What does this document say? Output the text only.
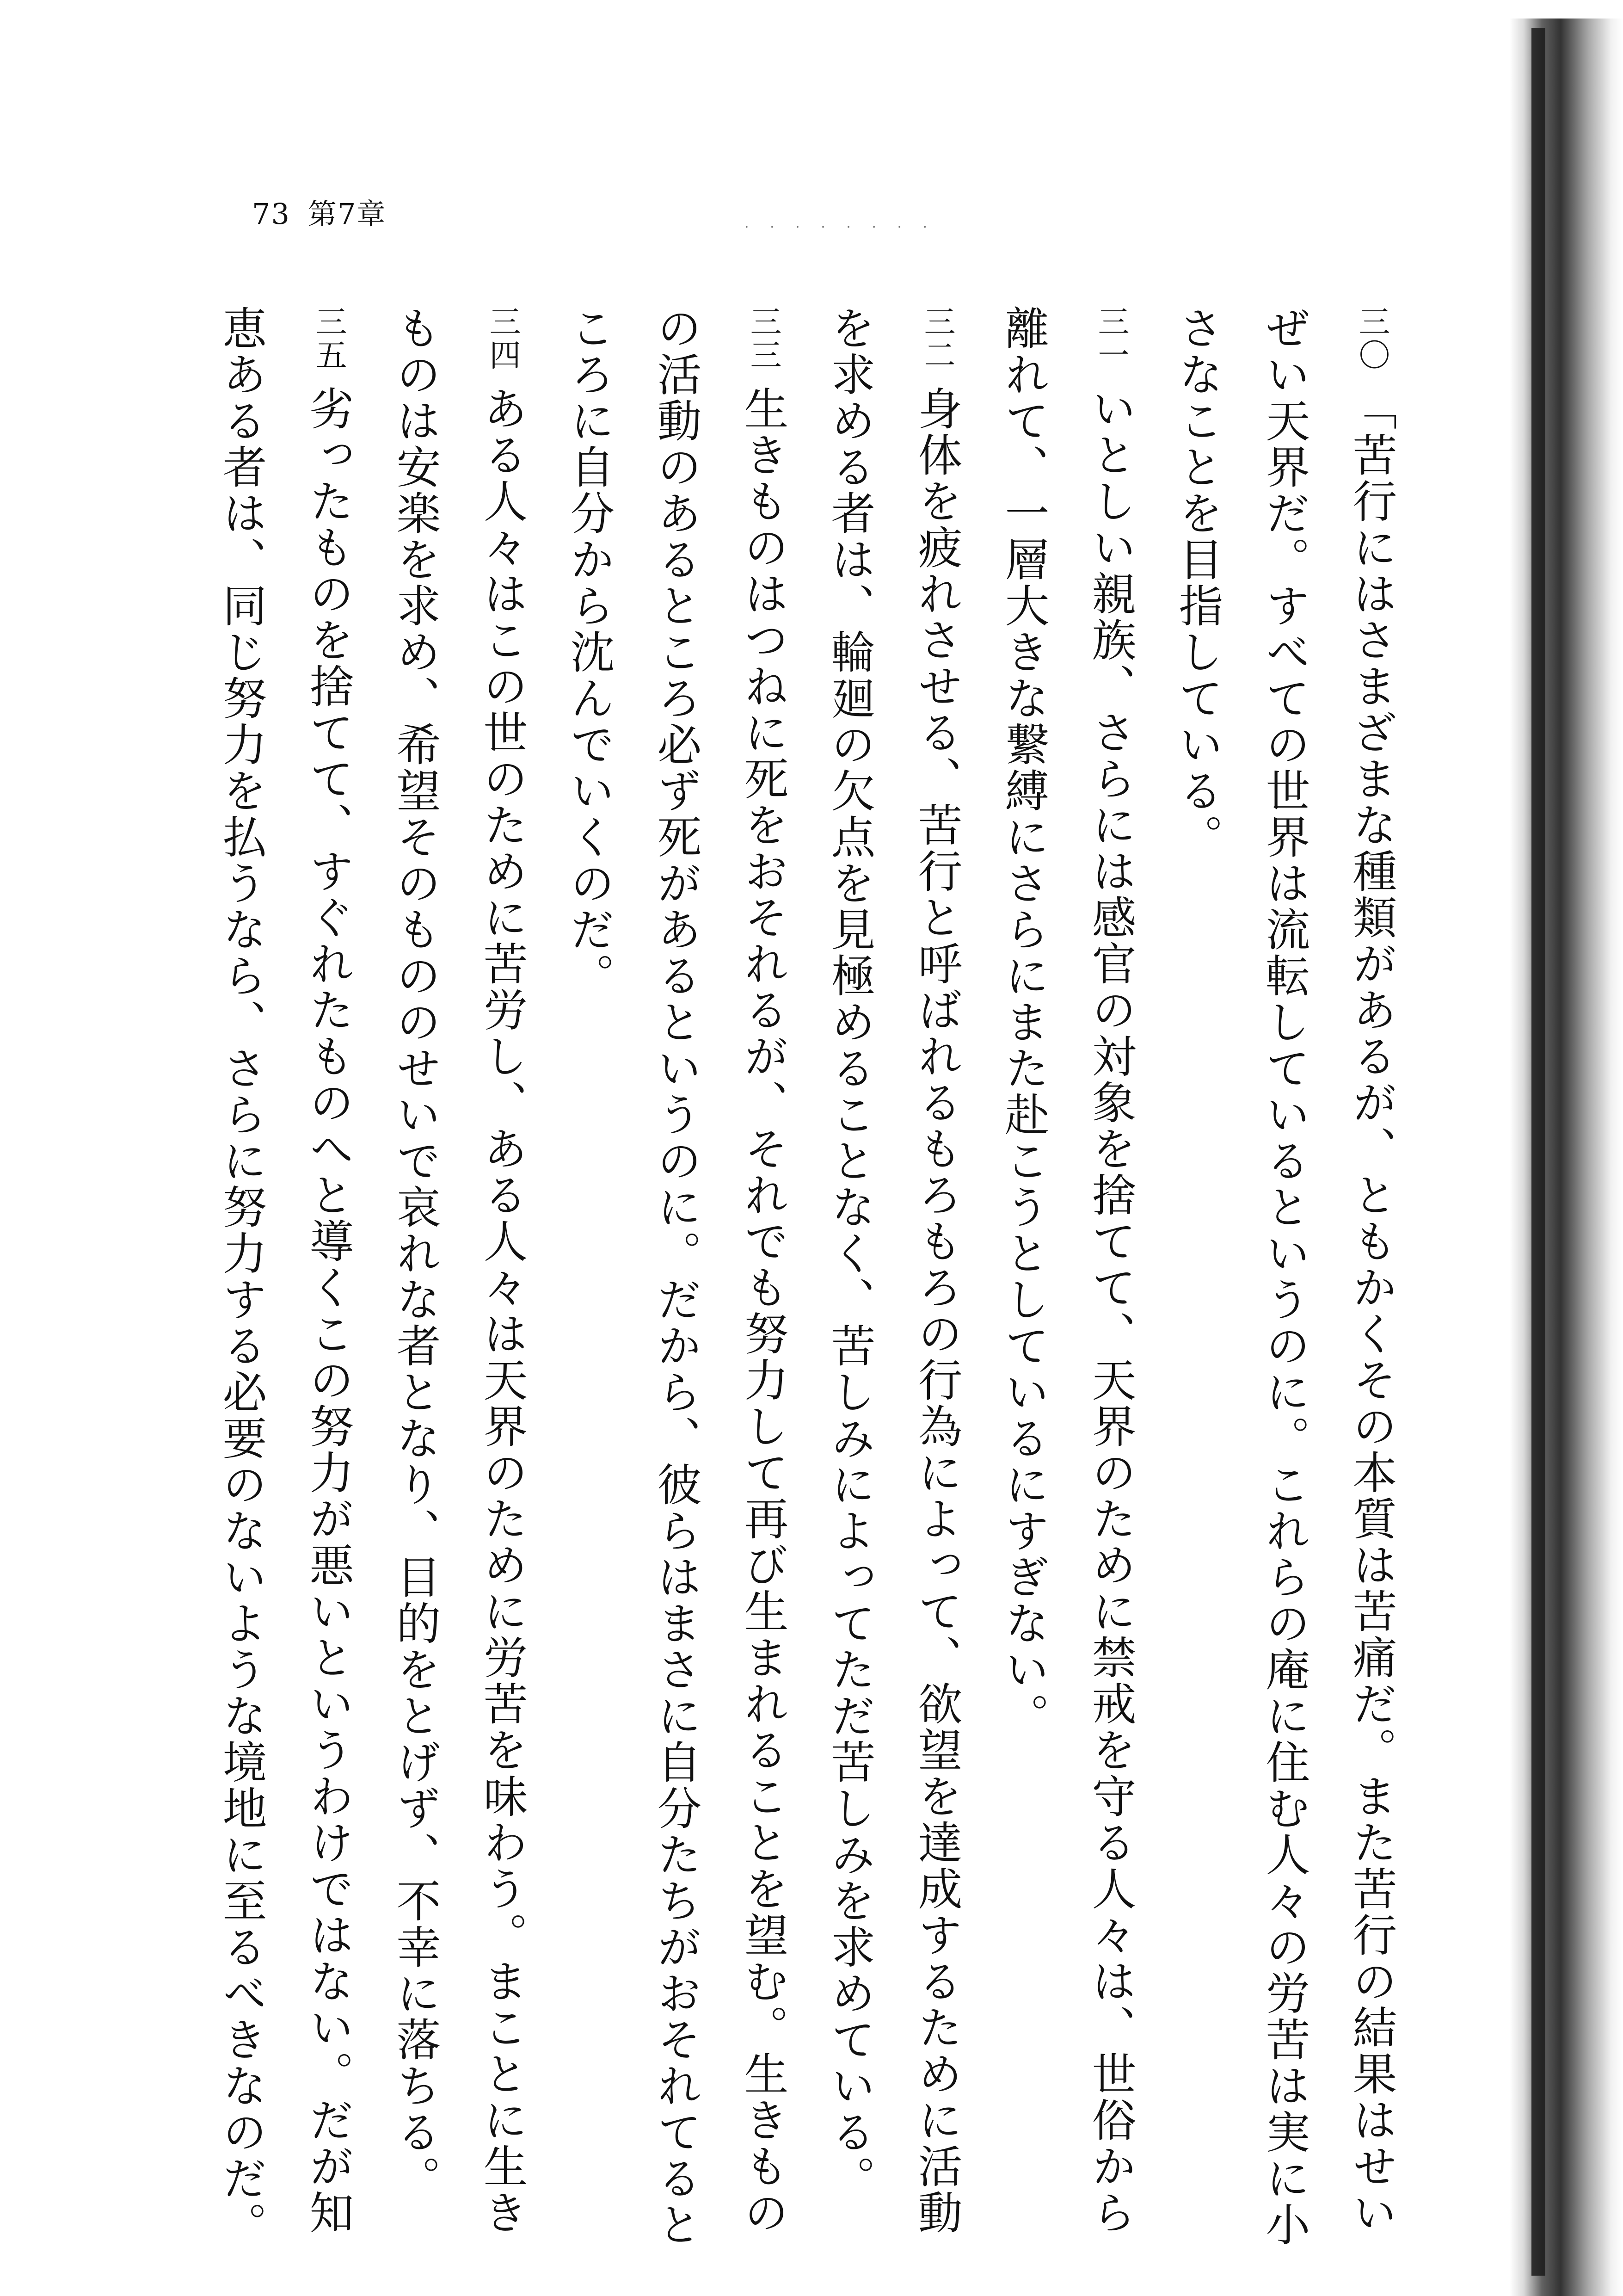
73 第7章	. . . . . . . .

三〇「苦行にはさまざまな種類があるが、ともかくその本質は苦痛だ。また苦行の結果はせいぜい天界だ。すべての世界は流転しているというのに。これらの庵に住む人々の労苦は実に小さなことを目指している。

三一いとしい親族、さらには感官の対象を捨てて、天界のために禁戒を守る人々は、世俗から離れて、一層大きな繋縛にさらにまた赴こうとしているにすぎない。

三二身体を疲れさせる、苦行と呼ばれるもろもろの行為によって、欲望を達成するために活動を求める者は、輪廻の欠点を見極めることなく、苦しみによってただ苦しみを求めている。

三三生きものはつねに死をおそれるが、それでも努力して再び生まれることを望む。生きものの活動のあるところ必ず死があるというのに。だから、彼らはまさに自分たちがおそれてるところに自分から沈んでいくのだ。

三四ある人々はこの世のために苦労し、ある人々は天界のために労苦を味わう。まことに生きものは安楽を求め、希望そのもののせいで哀れな者となり、目的をとげず、不幸に落ちる。

三五劣ったものを捨てて、すぐれたものへと導くこの努力が悪いというわけではない。だが知恵ある者は、同じ努力を払うなら、さらに努力する必要のないような境地に至るべきなのだ。
